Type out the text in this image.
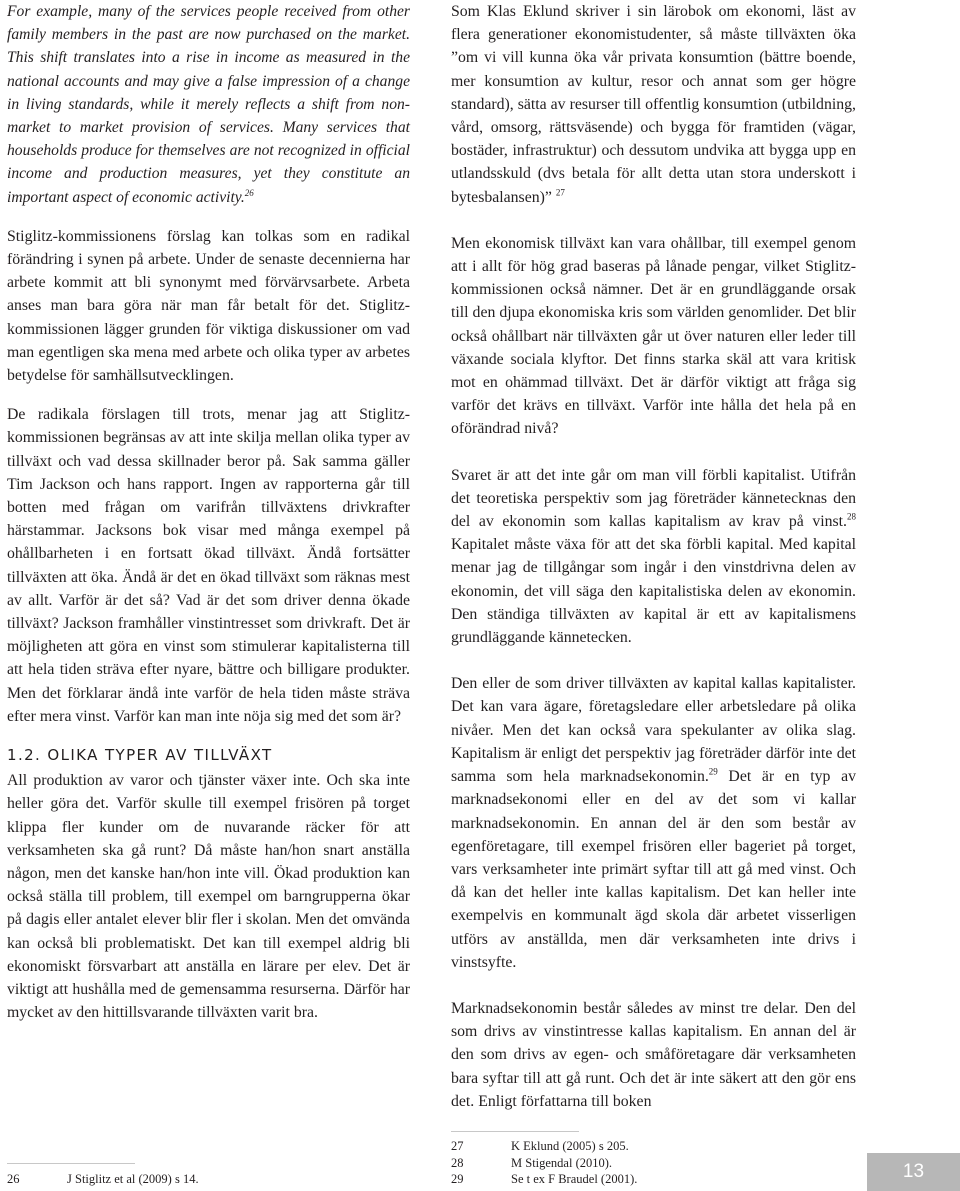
For example, many of the services people received from other family members in the past are now purchased on the market. This shift translates into a rise in income as measured in the national accounts and may give a false impression of a change in living standards, while it merely reflects a shift from non-market to market provision of services. Many services that households produce for themselves are not recognized in official income and production measures, yet they constitute an important aspect of economic activity.$^{26}$

Stiglitz-kommissionens förslag kan tolkas som en radikal förändring i synen på arbete. Under de senaste decennierna har arbete kommit att bli synonymt med förvärvsarbete. Arbeta anses man bara göra när man får betalt för det. Stiglitz-kommissionen lägger grunden för viktiga diskussioner om vad man egentligen ska mena med arbete och olika typer av arbetes betydelse för samhällsutvecklingen.

De radikala förslagen till trots, menar jag att Stiglitz-kommissionen begränsas av att inte skilja mellan olika typer av tillväxt och vad dessa skillnader beror på. Sak samma gäller Tim Jackson och hans rapport. Ingen av rapporterna går till botten med frågan om varifrån tillväxtens drivkrafter härstammar. Jacksons bok visar med många exempel på ohållbarheten i en fortsatt ökad tillväxt. Ändå fortsätter tillväxten att öka. Ändå är det en ökad tillväxt som räknas mest av allt. Varför är det så? Vad är det som driver denna ökade tillväxt? Jackson framhåller vinstintresset som drivkraft. Det är möjligheten att göra en vinst som stimulerar kapitalisterna till att hela tiden sträva efter nyare, bättre och billigare produkter. Men det förklarar ändå inte varför de hela tiden måste sträva efter mera vinst. Varför kan man inte nöja sig med det som är?

1.2. OLIKA TYPER AV TILLVÄXT

All produktion av varor och tjänster växer inte. Och ska inte heller göra det. Varför skulle till exempel frisören på torget klippa fler kunder om de nuvarande räcker för att verksamheten ska gå runt? Då måste han/hon snart anställa någon, men det kanske han/hon inte vill. Ökad produktion kan också ställa till problem, till exempel om barngrupperna ökar på dagis eller antalet elever blir fler i skolan. Men det omvända kan också bli problematiskt. Det kan till exempel aldrig bli ekonomiskt försvarbart att anställa en lärare per elev. Det är viktigt att hushålla med de gemensamma resurserna. Därför har mycket av den hittillsvarande tillväxten varit bra.

Som Klas Eklund skriver i sin lärobok om ekonomi, läst av flera generationer ekonomistudenter, så måste tillväxten öka ”om vi vill kunna öka vår privata konsumtion (bättre boende, mer konsumtion av kultur, resor och annat som ger högre standard), sätta av resurser till offentlig konsumtion (utbildning, vård, omsorg, rättsväsende) och bygga för framtiden (vägar, bostäder, infrastruktur) och dessutom undvika att bygga upp en utlandsskuld (dvs betala för allt detta utan stora underskott i bytesbalansen)” $^{27}$

Men ekonomisk tillväxt kan vara ohållbar, till exempel genom att i allt för hög grad baseras på lånade pengar, vilket Stiglitz-kommissionen också nämner. Det är en grundläggande orsak till den djupa ekonomiska kris som världen genomlider. Det blir också ohållbart när tillväxten går ut över naturen eller leder till växande sociala klyftor. Det finns starka skäl att vara kritisk mot en ohämmad tillväxt. Det är därför viktigt att fråga sig varför det krävs en tillväxt. Varför inte hålla det hela på en oförändrad nivå?

Svaret är att det inte går om man vill förbli kapitalist. Utifrån det teoretiska perspektiv som jag företräder kännetecknas den del av ekonomin som kallas kapitalism av krav på vinst.$^{28}$ Kapitalet måste växa för att det ska förbli kapital. Med kapital menar jag de tillgångar som ingår i den vinstdrivna delen av ekonomin, det vill säga den kapitalistiska delen av ekonomin. Den ständiga tillväxten av kapital är ett av kapitalismens grundläggande kännetecken.

Den eller de som driver tillväxten av kapital kallas kapitalister. Det kan vara ägare, företagsledare eller arbetsledare på olika nivåer. Men det kan också vara spekulanter av olika slag. Kapitalism är enligt det perspektiv jag företräder därför inte det samma som hela marknadsekonomin.$^{29}$ Det är en typ av marknadsekonomi eller en del av det som vi kallar marknadsekonomin. En annan del är den som består av egenföretagare, till exempel frisören eller bageriet på torget, vars verksamheter inte primärt syftar till att gå med vinst. Och då kan det heller inte kallas kapitalism. Det kan heller inte exempelvis en kommunalt ägd skola där arbetet visserligen utförs av anställda, men där verksamheten inte drivs i vinstsyfte.

Marknadsekonomin består således av minst tre delar. Den del som drivs av vinstintresse kallas kapitalism. En annan del är den som drivs av egen- och småföretagare där verksamheten bara syftar till att gå runt. Och det är inte säkert att den gör ens det. Enligt författarna till boken

26	J Stiglitz et al (2009) s 14.
27	K Eklund (2005) s 205.
28	M Stigendal (2010).
29	Se t ex F Braudel (2001).	13
